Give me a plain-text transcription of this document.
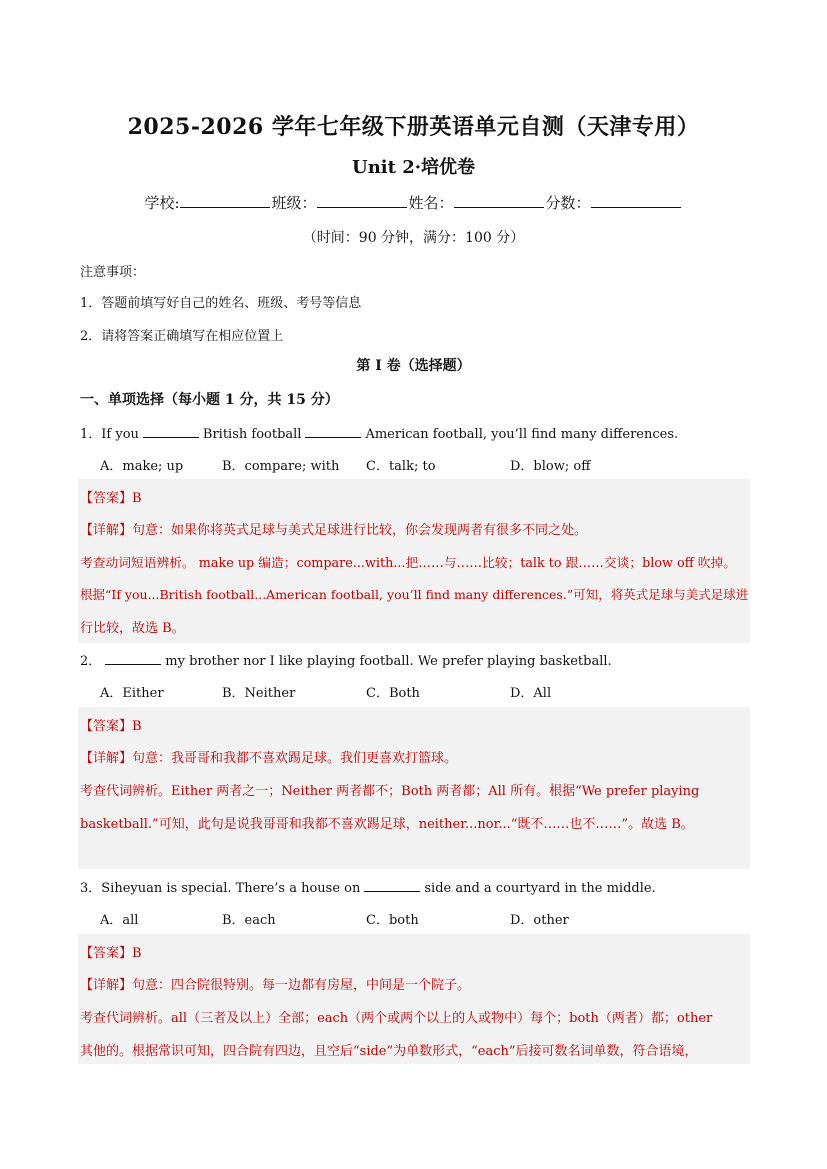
2025-2026 学年七年级下册英语单元自测（天津专用）
Unit 2·培优卷
学校:	班级：	姓名：	分数：
（时间：90 分钟，满分：100 分）
注意事项：
1．答题前填写好自己的姓名、班级、考号等信息
2．请将答案正确填写在相应位置上
第 I 卷（选择题）
一、单项选择（每小题 1 分，共 15 分）
1．If you	British football	American football, you’ll find many differences.
A．make; up	B．compare; with C．talk; to	D．blow; off
【答案】B
【详解】句意：如果你将英式足球与美式足球进行比较，你会发现两者有很多不同之处。
考查动词短语辨析。 make up 编造；compare...with...把……与……比较；talk to 跟……交谈；blow off 吹掉。
根据“If you...British football...American football, you’ll find many differences.”可知，将英式足球与美式足球进
行比较，故选 B。
2．	my brother nor I like playing football. We prefer playing basketball.
A．Either	B．Neither	C．Both	D．All
【答案】B
【详解】句意：我哥哥和我都不喜欢踢足球。我们更喜欢打篮球。
考查代词辨析。Either 两者之一；Neither 两者都不；Both 两者都；All 所有。根据“We prefer playing
basketball.”可知，此句是说我哥哥和我都不喜欢踢足球，neither...nor...“既不……也不……”。故选 B。
3．Siheyuan is special. There’s a house on	side and a courtyard in the middle.
A．all	B．each	C．both	D．other
【答案】B
【详解】句意：四合院很特别。每一边都有房屋，中间是一个院子。
考查代词辨析。all（三者及以上）全部；each（两个或两个以上的人或物中）每个；both（两者）都；other
其他的。根据常识可知，四合院有四边，且空后“side”为单数形式，“each”后接可数名词单数，符合语境，
